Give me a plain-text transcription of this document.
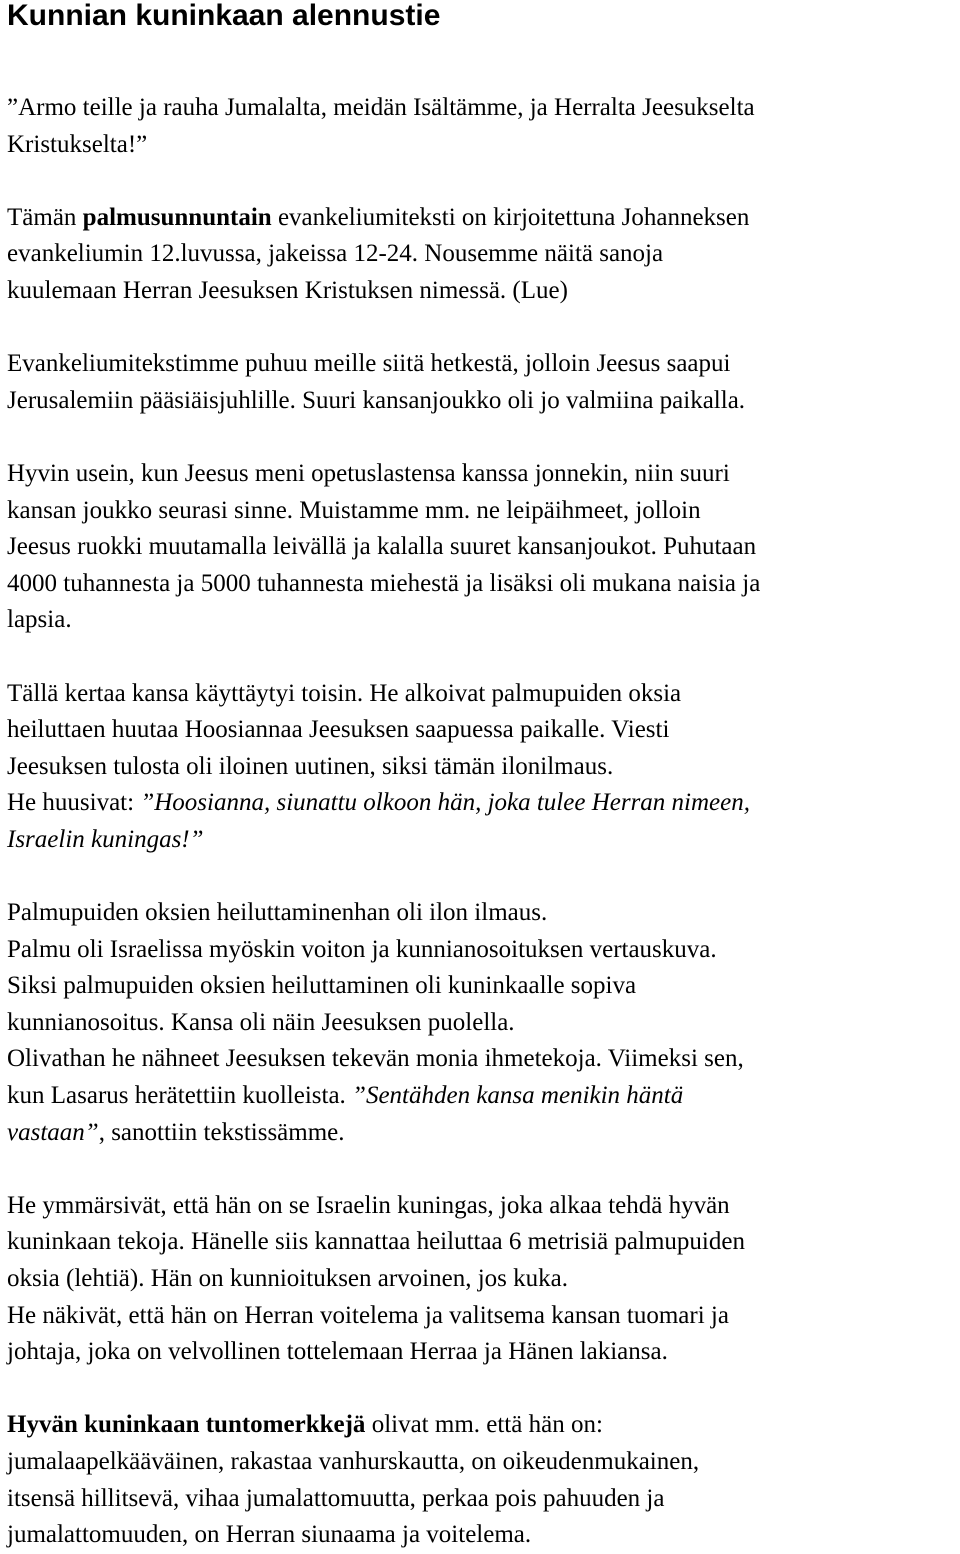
Kunnian kuninkaan alennustie

”Armo teille ja rauha Jumalalta, meidän Isältämme, ja Herralta Jeesukselta
Kristukselta!”

Tämän palmusunnuntain evankeliumiteksti on kirjoitettuna Johanneksen
evankeliumin 12.luvussa, jakeissa 12-24. Nousemme näitä sanoja
kuulemaan Herran Jeesuksen Kristuksen nimessä. (Lue)

Evankeliumitekstimme puhuu meille siitä hetkestä, jolloin Jeesus saapui
Jerusalemiin pääsiäisjuhlille. Suuri kansanjoukko oli jo valmiina paikalla.

Hyvin usein, kun Jeesus meni opetuslastensa kanssa jonnekin, niin suuri
kansan joukko seurasi sinne. Muistamme mm. ne leipäihmeet, jolloin
Jeesus ruokki muutamalla leivällä ja kalalla suuret kansanjoukot. Puhutaan
4000 tuhannesta ja 5000 tuhannesta miehestä ja lisäksi oli mukana naisia ja
lapsia.

Tällä kertaa kansa käyttäytyi toisin. He alkoivat palmupuiden oksia
heiluttaen huutaa Hoosiannaa Jeesuksen saapuessa paikalle. Viesti
Jeesuksen tulosta oli iloinen uutinen, siksi tämän ilonilmaus.
He huusivat: ”Hoosianna, siunattu olkoon hän, joka tulee Herran nimeen,
Israelin kuningas!”

Palmupuiden oksien heiluttaminenhan oli ilon ilmaus.
Palmu oli Israelissa myöskin voiton ja kunnianosoituksen vertauskuva.
Siksi palmupuiden oksien heiluttaminen oli kuninkaalle sopiva
kunnianosoitus. Kansa oli näin Jeesuksen puolella.
Olivathan he nähneet Jeesuksen tekevän monia ihmetekoja. Viimeksi sen,
kun Lasarus herätettiin kuolleista. ”Sentähden kansa menikin häntä
vastaan”, sanottiin tekstissämme.

He ymmärsivät, että hän on se Israelin kuningas, joka alkaa tehdä hyvän
kuninkaan tekoja. Hänelle siis kannattaa heiluttaa 6 metrisiä palmupuiden
oksia (lehtiä). Hän on kunnioituksen arvoinen, jos kuka.
He näkivät, että hän on Herran voitelema ja valitsema kansan tuomari ja
johtaja, joka on velvollinen tottelemaan Herraa ja Hänen lakiansa.

Hyvän kuninkaan tuntomerkkejä olivat mm. että hän on:
jumalaapelkääväinen, rakastaa vanhurskautta, on oikeudenmukainen,
itsensä hillitsevä, vihaa jumalattomuutta, perkaa pois pahuuden ja
jumalattomuuden, on Herran siunaama ja voitelema.
